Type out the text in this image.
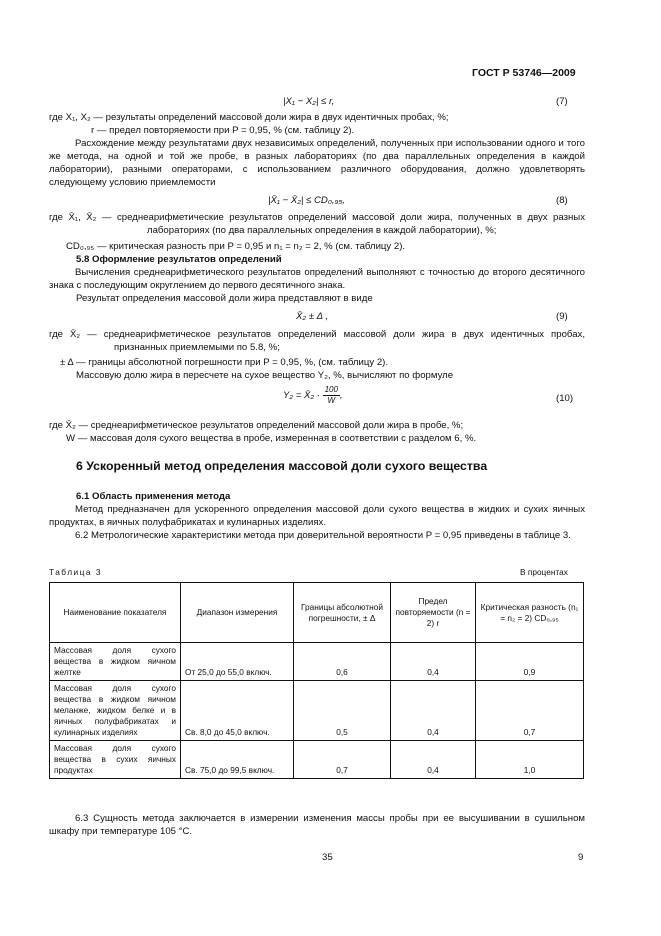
ГОСТ Р 53746—2009
|X₁ − X₂| ≤ r,	(7)
где X₁, X₂ — результаты определений массовой доли жира в двух идентичных пробах, %;
r — предел повторяемости при P = 0,95, % (см. таблицу 2).
Расхождение между результатами двух независимых определений, полученных при использовании одного и того же метода, на одной и той же пробе, в разных лабораториях (по два параллельных определения в каждой лаборатории), разными операторами, с использованием различного оборудования, должно удовлетворять следующему условию приемлемости
|X̄₁ − X̄₂| ≤ CD₀,₉₅,	(8)
где X̄₁, X̄₂ — среднеарифметические результатов определений массовой доли жира, полученных в двух разных лабораториях (по два параллельных определения в каждой лаборатории), %;
CD₀,₉₅ — критическая разность при P = 0,95 и n₁ = n₂ = 2, % (см. таблицу 2).
5.8 Оформление результатов определений
Вычисления среднеарифметического результатов определений выполняют с точностью до второго десятичного знака с последующим округлением до первого десятичного знака.
Результат определения массовой доли жира представляют в виде
X̄₂ ± Δ ,	(9)
где X̄₂ — среднеарифметическое результатов определений массовой доли жира в двух идентичных пробах, признанных приемлемыми по 5.8, %;
± Δ — границы абсолютной погрешности при P = 0,95, %, (см. таблицу 2).
Массовую долю жира в пересчете на сухое вещество Y₂, %, вычисляют по формуле
Y₂ = X̄₂ · $\frac{100}{W}$ ,	(10)
где X̄₂ — среднеарифметическое результатов определений массовой доли жира в пробе, %;
W — массовая доля сухого вещества в пробе, измеренная в соответствии с разделом 6, %.
6 Ускоренный метод определения массовой доли сухого вещества
6.1 Область применения метода
Метод предназначен для ускоренного определения массовой доли сухого вещества в жидких и сухих яичных продуктах, в яичных полуфабрикатах и кулинарных изделиях.
6.2 Метрологические характеристики метода при доверительной вероятности P = 0,95 приведены в таблице 3.
Таблица 3	В процентах
Наименование показателя	Диапазон измерения	Границы абсолютной погрешности, ± Δ	Предел повторяемости (n = 2) r	Критическая разность (n₁ = n₂ = 2) CD₀,₉₅
Массовая доля сухого вещества в жидком яичном желтке	От 25,0 до 55,0 включ.	0,6	0,4	0,9
Массовая доля сухого вещества в жидком яичном меланже, жидком белке и в яичных полуфабрикатах и кулинарных изделиях	Св. 8,0 до 45,0 включ.	0,5	0,4	0,7
Массовая доля сухого вещества в сухих яичных продуктах	Св. 75,0 до 99,5 включ.	0,7	0,4	1,0
6.3 Сущность метода заключается в измерении изменения массы пробы при ее высушивании в сушильном шкафу при температуре 105 °С.
35	9
